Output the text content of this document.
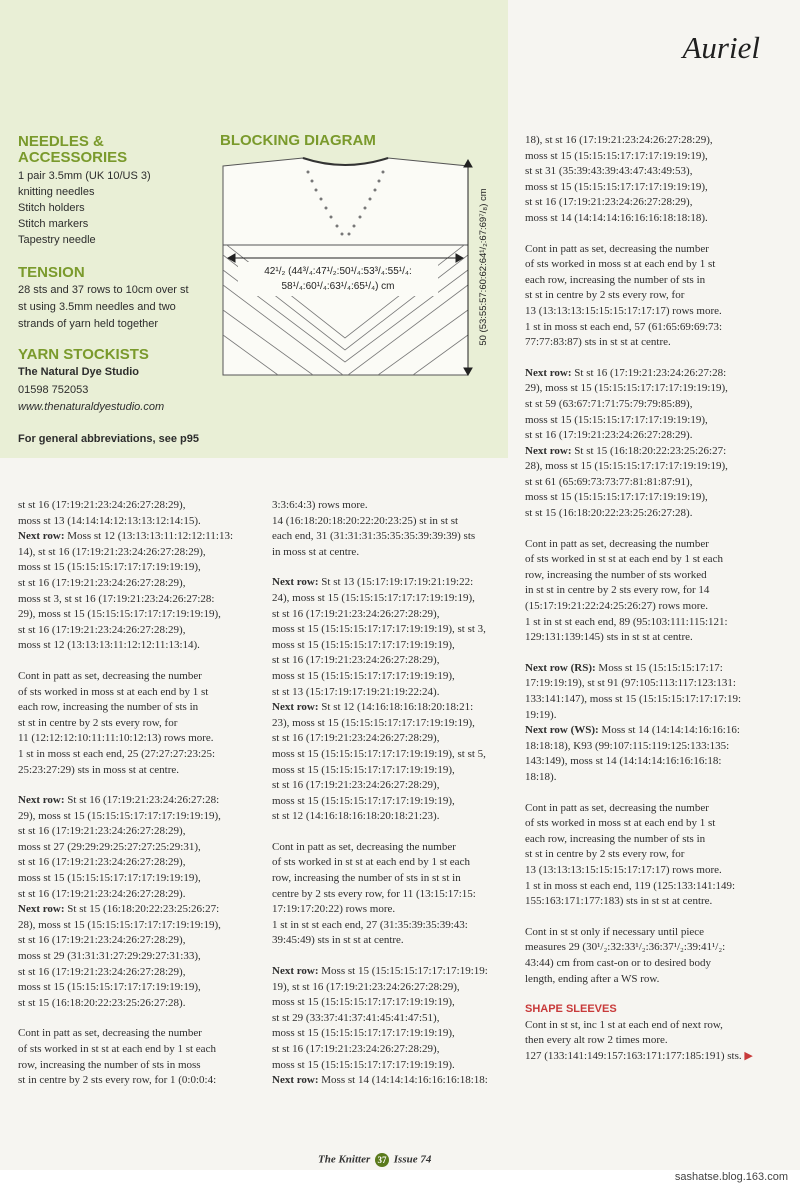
NEEDLES &
ACCESSORIES
1 pair 3.5mm (UK 10/US 3)
knitting needles
Stitch holders
Stitch markers
Tapestry needle
TENSION
28 sts and 37 rows to 10cm over st
st using 3.5mm needles and two
strands of yarn held together
YARN STOCKISTS
The Natural Dye Studio
01598 752053
www.thenaturaldyestudio.com
For general abbreviations, see p95
BLOCKING DIAGRAM
42¹/₂ (44³/₄:47¹/₂:50¹/₄:53³/₄:55¹/₄:
58¹/₄:60¹/₄:63¹/₄:65¹/₄) cm	50 (53:55:57:60:62:64¹/₂:67:69⁷/₈) cm
Auriel
st st 16 (17:19:21:23:24:26:27:28:29),
moss st 13 (14:14:14:12:13:13:12:14:15).
Next row: Moss st 12 (13:13:13:11:12:12:11:13:
14), st st 16 (17:19:21:23:24:26:27:28:29),
moss st 15 (15:15:15:17:17:17:19:19:19),
st st 16 (17:19:21:23:24:26:27:28:29),
moss st 3, st st 16 (17:19:21:23:24:26:27:28:
29), moss st 15 (15:15:15:17:17:17:19:19:19),
st st 16 (17:19:21:23:24:26:27:28:29),
moss st 12 (13:13:13:11:12:12:11:13:14).
Cont in patt as set, decreasing the number
of sts worked in moss st at each end by 1 st
each row, increasing the number of sts in
st st in centre by 2 sts every row, for
11 (12:12:12:10:11:11:10:12:13) rows more.
1 st in moss st each end, 25 (27:27:27:23:25:
25:23:27:29) sts in moss st at centre.
Next row: St st 16 (17:19:21:23:24:26:27:28:
29), moss st 15 (15:15:15:17:17:17:19:19:19),
st st 16 (17:19:21:23:24:26:27:28:29),
moss st 27 (29:29:29:25:27:27:25:29:31),
st st 16 (17:19:21:23:24:26:27:28:29),
moss st 15 (15:15:15:17:17:17:19:19:19),
st st 16 (17:19:21:23:24:26:27:28:29).
Next row: St st 15 (16:18:20:22:23:25:26:27:
28), moss st 15 (15:15:15:17:17:17:19:19:19),
st st 16 (17:19:21:23:24:26:27:28:29),
moss st 29 (31:31:31:27:29:29:27:31:33),
st st 16 (17:19:21:23:24:26:27:28:29),
moss st 15 (15:15:15:17:17:17:19:19:19),
st st 15 (16:18:20:22:23:25:26:27:28).
Cont in patt as set, decreasing the number
of sts worked in st st at each end by 1 st each
row, increasing the number of sts in moss
st in centre by 2 sts every row, for 1 (0:0:0:4:
3:3:6:4:3) rows more.
14 (16:18:20:18:20:22:20:23:25) st in st st
each end, 31 (31:31:31:35:35:35:39:39:39) sts
in moss st at centre.
Next row: St st 13 (15:17:19:17:19:21:19:22:
24), moss st 15 (15:15:15:17:17:17:19:19:19),
st st 16 (17:19:21:23:24:26:27:28:29),
moss st 15 (15:15:15:17:17:17:19:19:19), st st 3,
moss st 15 (15:15:15:17:17:17:19:19:19),
st st 16 (17:19:21:23:24:26:27:28:29),
moss st 15 (15:15:15:17:17:17:19:19:19),
st st 13 (15:17:19:17:19:21:19:22:24).
Next row: St st 12 (14:16:18:16:18:20:18:21:
23), moss st 15 (15:15:15:17:17:17:19:19:19),
st st 16 (17:19:21:23:24:26:27:28:29),
moss st 15 (15:15:15:17:17:17:19:19:19), st st 5,
moss st 15 (15:15:15:17:17:17:19:19:19),
st st 16 (17:19:21:23:24:26:27:28:29),
moss st 15 (15:15:15:17:17:17:19:19:19),
st st 12 (14:16:18:16:18:20:18:21:23).
Cont in patt as set, decreasing the number
of sts worked in st st at each end by 1 st each
row, increasing the number of sts in st st in
centre by 2 sts every row, for 11 (13:15:17:15:
17:19:17:20:22) rows more.
1 st in st st each end, 27 (31:35:39:35:39:43:
39:45:49) sts in st st at centre.
Next row: Moss st 15 (15:15:15:17:17:17:19:19:
19), st st 16 (17:19:21:23:24:26:27:28:29),
moss st 15 (15:15:15:17:17:17:19:19:19),
st st 29 (33:37:41:37:41:45:41:47:51),
moss st 15 (15:15:15:17:17:17:19:19:19),
st st 16 (17:19:21:23:24:26:27:28:29),
moss st 15 (15:15:15:17:17:17:19:19:19).
Next row: Moss st 14 (14:14:14:16:16:16:18:18:
18), st st 16 (17:19:21:23:24:26:27:28:29),
moss st 15 (15:15:15:17:17:17:19:19:19),
st st 31 (35:39:43:39:43:47:43:49:53),
moss st 15 (15:15:15:17:17:17:19:19:19),
st st 16 (17:19:21:23:24:26:27:28:29),
moss st 14 (14:14:14:16:16:16:18:18:18).
Cont in patt as set, decreasing the number
of sts worked in moss st at each end by 1 st
each row, increasing the number of sts in
st st in centre by 2 sts every row, for
13 (13:13:13:15:15:15:17:17:17) rows more.
1 st in moss st each end, 57 (61:65:69:69:73:
77:77:83:87) sts in st st at centre.
Next row: St st 16 (17:19:21:23:24:26:27:28:
29), moss st 15 (15:15:15:17:17:17:19:19:19),
st st 59 (63:67:71:71:75:79:79:85:89),
moss st 15 (15:15:15:17:17:17:19:19:19),
st st 16 (17:19:21:23:24:26:27:28:29).
Next row: St st 15 (16:18:20:22:23:25:26:27:
28), moss st 15 (15:15:15:17:17:17:19:19:19),
st st 61 (65:69:73:73:77:81:81:87:91),
moss st 15 (15:15:15:17:17:17:19:19:19),
st st 15 (16:18:20:22:23:25:26:27:28).
Cont in patt as set, decreasing the number
of sts worked in st st at each end by 1 st each
row, increasing the number of sts worked
in st st in centre by 2 sts every row, for 14
(15:17:19:21:22:24:25:26:27) rows more.
1 st in st st each end, 89 (95:103:111:115:121:
129:131:139:145) sts in st st at centre.
Next row (RS): Moss st 15 (15:15:15:17:17:
17:19:19:19), st st 91 (97:105:113:117:123:131:
133:141:147), moss st 15 (15:15:15:17:17:17:19:
19:19).
Next row (WS): Moss st 14 (14:14:14:16:16:16:
18:18:18), K93 (99:107:115:119:125:133:135:
143:149), moss st 14 (14:14:14:16:16:16:18:
18:18).
Cont in patt as set, decreasing the number
of sts worked in moss st at each end by 1 st
each row, increasing the number of sts in
st st in centre by 2 sts every row, for
13 (13:13:13:15:15:15:17:17:17) rows more.
1 st in moss st each end, 119 (125:133:141:149:
155:163:171:177:183) sts in st st at centre.
Cont in st st only if necessary until piece
measures 29 (30¹/₂:32:33¹/₂:36:37¹/₂:39:41¹/₂:
43:44) cm from cast-on or to desired body
length, ending after a WS row.
SHAPE SLEEVES
Cont in st st, inc 1 st at each end of next row,
then every alt row 2 times more.
127 (133:141:149:157:163:171:177:185:191) sts. ▶
The Knitter 37 Issue 74
sashatse.blog.163.com
